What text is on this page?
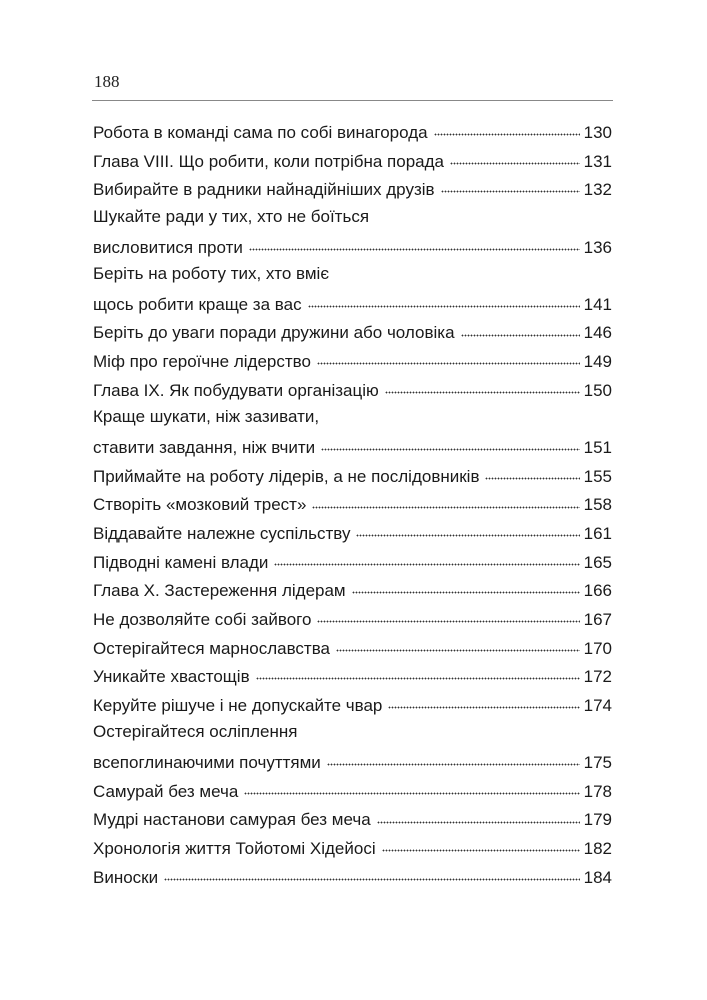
188
Робота в команді сама по собі винагорода	130
Глава VIII. Що робити, коли потрібна порада	131
Вибирайте в радники найнадійніших друзів	132
Шукайте ради у тих, хто не боїться
висловитися проти	136
Беріть на роботу тих, хто вміє
щось робити краще за вас	141
Беріть до уваги поради дружини або чоловіка	146
Міф про героїчне лідерство	149
Глава IX. Як побудувати організацію	150
Краще шукати, ніж зазивати,
ставити завдання, ніж вчити	151
Приймайте на роботу лідерів, а не послідовників	155
Створіть «мозковий трест»	158
Віддавайте належне суспільству	161
Підводні камені влади	165
Глава X. Застереження лідерам	166
Не дозволяйте собі зайвого	167
Остерігайтеся марнославства	170
Уникайте хвастощів	172
Керуйте рішуче і не допускайте чвар	174
Остерігайтеся осліплення
всепоглинаючими почуттями	175
Самурай без меча	178
Мудрі настанови самурая без меча	179
Хронологія життя Тойотомі Хідейосі	182
Виноски	184
